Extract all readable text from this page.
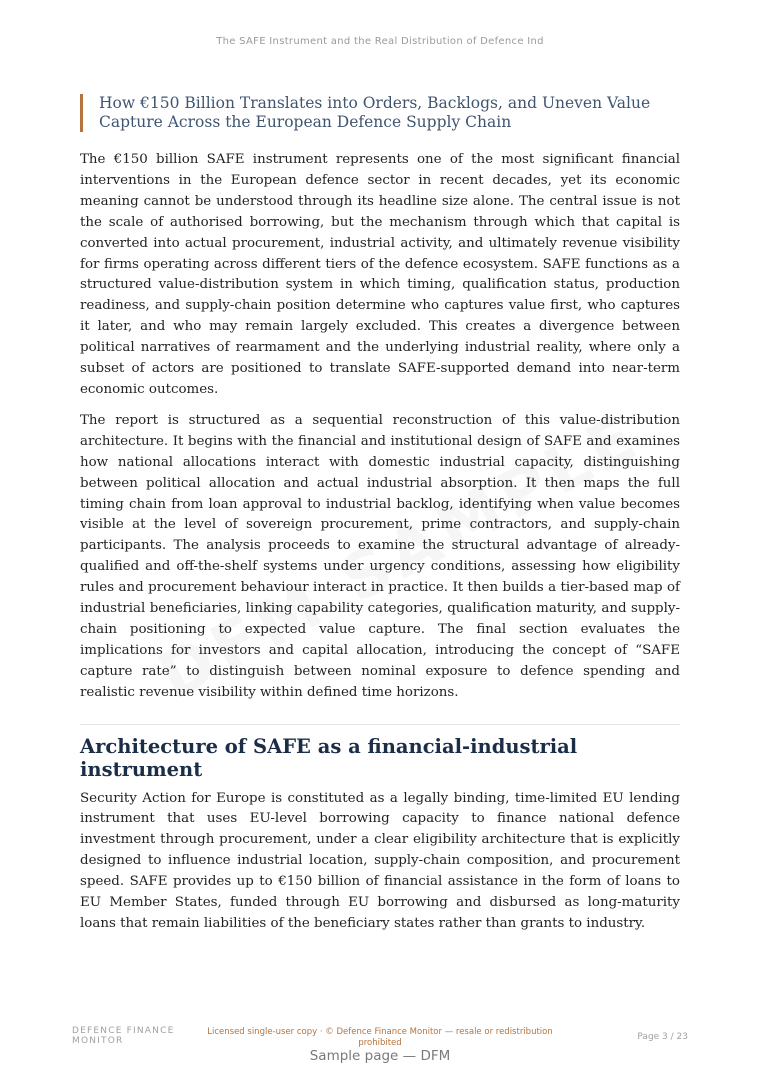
The SAFE Instrument and the Real Distribution of Defence Ind
How €150 Billion Translates into Orders, Backlogs, and Uneven Value Capture Across the European Defence Supply Chain

The €150 billion SAFE instrument represents one of the most significant financial interventions in the European defence sector in recent decades, yet its economic meaning cannot be understood through its headline size alone. The central issue is not the scale of authorised borrowing, but the mechanism through which that capital is converted into actual procurement, industrial activity, and ultimately revenue visibility for firms operating across different tiers of the defence ecosystem. SAFE functions as a structured value-distribution system in which timing, qualification status, production readiness, and supply-chain position determine who captures value first, who captures it later, and who may remain largely excluded. This creates a divergence between political narratives of rearmament and the underlying industrial reality, where only a subset of actors are positioned to translate SAFE-supported demand into near-term economic outcomes.

The report is structured as a sequential reconstruction of this value-distribution architecture. It begins with the financial and institutional design of SAFE and examines how national allocations interact with domestic industrial capacity, distinguishing between political allocation and actual industrial absorption. It then maps the full timing chain from loan approval to industrial backlog, identifying when value becomes visible at the level of sovereign procurement, prime contractors, and supply-chain participants. The analysis proceeds to examine the structural advantage of already-qualified and off-the-shelf systems under urgency conditions, assessing how eligibility rules and procurement behaviour interact in practice. It then builds a tier-based map of industrial beneficiaries, linking capability categories, qualification maturity, and supply-chain positioning to expected value capture. The final section evaluates the implications for investors and capital allocation, introducing the concept of “SAFE capture rate” to distinguish between nominal exposure to defence spending and realistic revenue visibility within defined time horizons.

Architecture of SAFE as a financial-industrial instrument

Security Action for Europe is constituted as a legally binding, time-limited EU lending instrument that uses EU-level borrowing capacity to finance national defence investment through procurement, under a clear eligibility architecture that is explicitly designed to influence industrial location, supply-chain composition, and procurement speed. SAFE provides up to €150 billion of financial assistance in the form of loans to EU Member States, funded through EU borrowing and disbursed as long-maturity loans that remain liabilities of the beneficiary states rather than grants to industry.

DEFENCE FINANCE MONITOR
Licensed single-user copy · © Defence Finance Monitor — resale or redistribution prohibited
Page 3 / 23
Sample page — DFM
